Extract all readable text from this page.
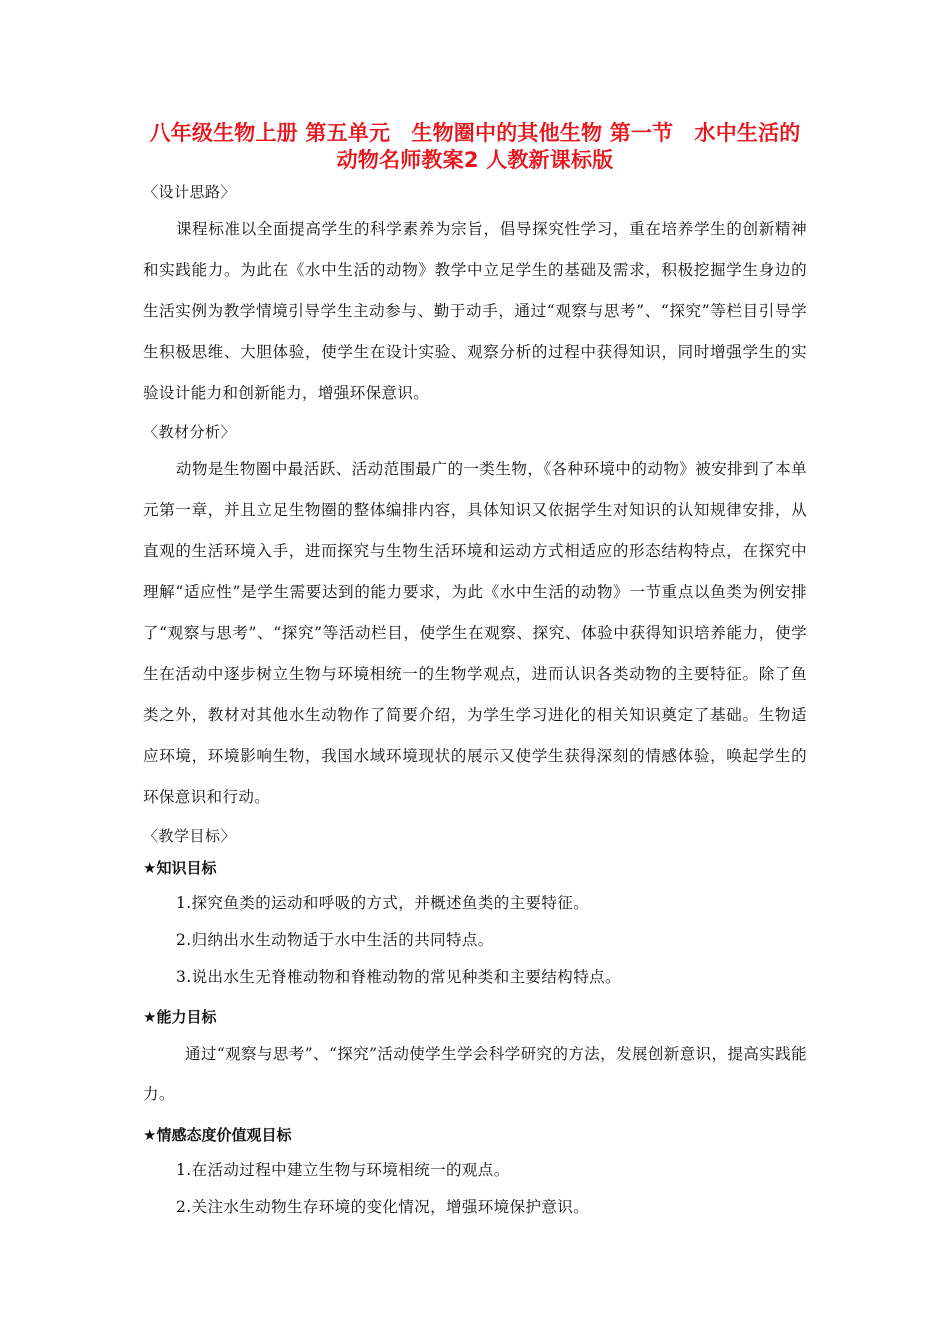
八年级生物上册 第五单元　生物圈中的其他生物 第一节　水中生活的动物名师教案2 人教新课标版
〈设计思路〉

课程标准以全面提高学生的科学素养为宗旨，倡导探究性学习，重在培养学生的创新精神和实践能力。为此在《水中生活的动物》教学中立足学生的基础及需求，积极挖掘学生身边的生活实例为教学情境引导学生主动参与、勤于动手，通过“观察与思考”、“探究”等栏目引导学生积极思维、大胆体验，使学生在设计实验、观察分析的过程中获得知识，同时增强学生的实验设计能力和创新能力，增强环保意识。

〈教材分析〉

动物是生物圈中最活跃、活动范围最广的一类生物，《各种环境中的动物》被安排到了本单元第一章，并且立足生物圈的整体编排内容，具体知识又依据学生对知识的认知规律安排，从直观的生活环境入手，进而探究与生物生活环境和运动方式相适应的形态结构特点，在探究中理解“适应性”是学生需要达到的能力要求，为此《水中生活的动物》一节重点以鱼类为例安排了“观察与思考”、“探究”等活动栏目，使学生在观察、探究、体验中获得知识培养能力，使学生在活动中逐步树立生物与环境相统一的生物学观点，进而认识各类动物的主要特征。除了鱼类之外，教材对其他水生动物作了简要介绍，为学生学习进化的相关知识奠定了基础。生物适应环境，环境影响生物，我国水域环境现状的展示又使学生获得深刻的情感体验，唤起学生的环保意识和行动。

〈教学目标〉
★知识目标
1.探究鱼类的运动和呼吸的方式，并概述鱼类的主要特征。
2.归纳出水生动物适于水中生活的共同特点。
3.说出水生无脊椎动物和脊椎动物的常见种类和主要结构特点。
★能力目标

通过“观察与思考”、“探究”活动使学生学会科学研究的方法，发展创新意识，提高实践能力。

★情感态度价值观目标
1.在活动过程中建立生物与环境相统一的观点。
2.关注水生动物生存环境的变化情况，增强环境保护意识。
